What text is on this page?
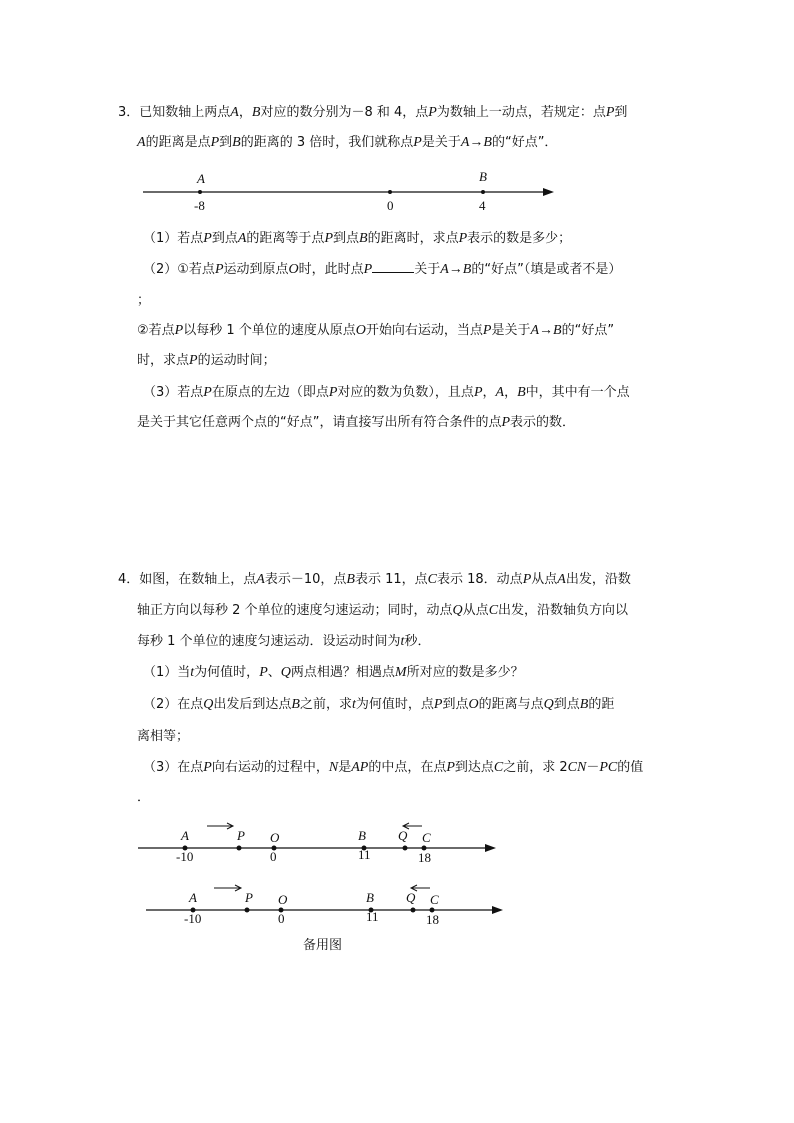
3．已知数轴上两点A，B对应的数分别为－8 和 4，点P为数轴上一动点，若规定：点P到
A的距离是点P到B的距离的 3 倍时，我们就称点P是关于A→B的“好点”．
A	B
-8	0	4
A	P O	B Q C
-10	0	11	18
A	P O	B Q C
-10	0	11	18
（1）若点P到点A的距离等于点P到点B的距离时，求点P表示的数是多少；
（2）①若点P运动到原点O时，此时点P	关于A→B的“好点”（填是或者不是）
；
②若点P以每秒 1 个单位的速度从原点O开始向右运动，当点P是关于A→B的“好点”
时，求点P的运动时间；
（3）若点P在原点的左边（即点P对应的数为负数），且点P，A，B中，其中有一个点
是关于其它任意两个点的“好点”，请直接写出所有符合条件的点P表示的数．
4．如图，在数轴上，点A表示－10，点B表示 11，点C表示 18．动点P从点A出发，沿数
轴正方向以每秒 2 个单位的速度匀速运动；同时，动点Q从点C出发，沿数轴负方向以
每秒 1 个单位的速度匀速运动．设运动时间为t秒．
（1）当t为何值时，P、Q两点相遇？相遇点M所对应的数是多少？
（2）在点Q出发后到达点B之前，求t为何值时，点P到点O的距离与点Q到点B的距
离相等；
（3）在点P向右运动的过程中，N是AP的中点，在点P到达点C之前，求 2CN－PC的值
．
备用图
